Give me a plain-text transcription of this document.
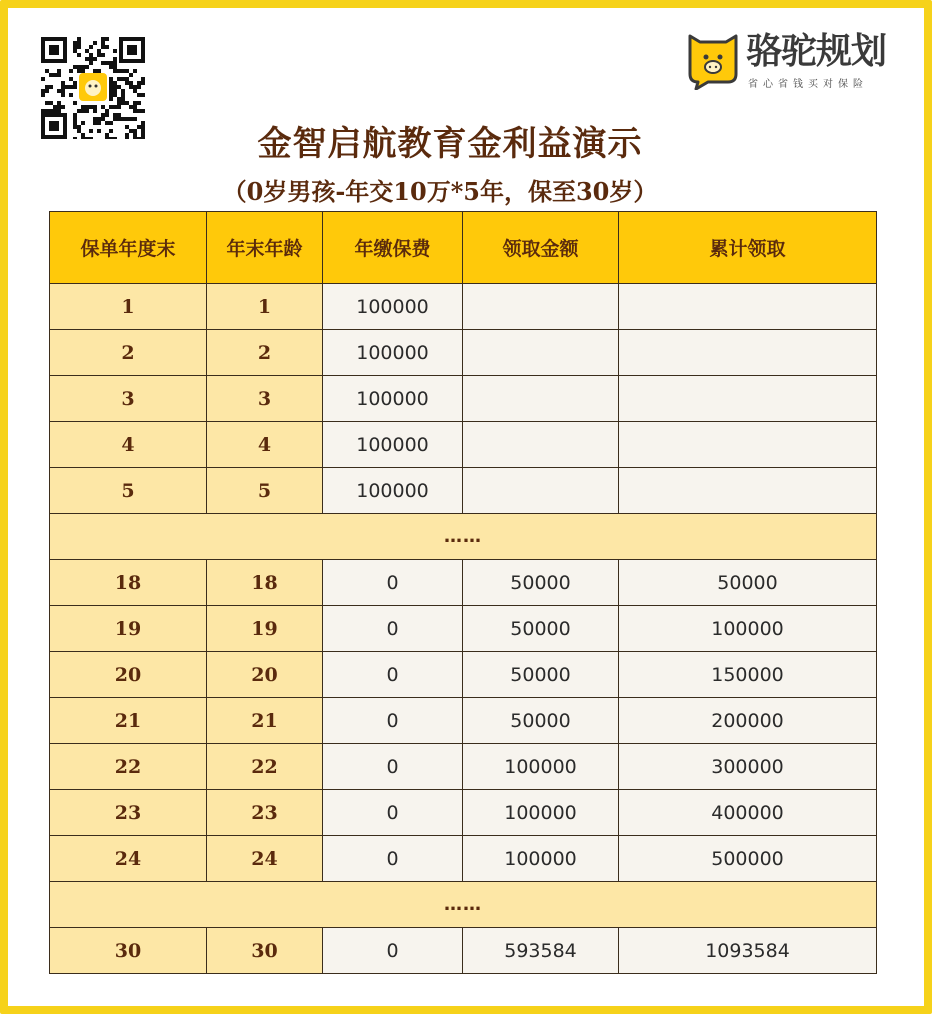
骆驼规划
省心省钱买对保险
金智启航教育金利益演示
（0岁男孩-年交10万*5年，保至30岁）
保单年度末	年末年龄	年缴保费	领取金额	累计领取
1	1	100000		
2	2	100000		
3	3	100000		
4	4	100000		
5	5	100000		
……				
18	18	0	50000	50000
19	19	0	50000	100000
20	20	0	50000	150000
21	21	0	50000	200000
22	22	0	100000	300000
23	23	0	100000	400000
24	24	0	100000	500000
……				
30	30	0	593584	1093584
